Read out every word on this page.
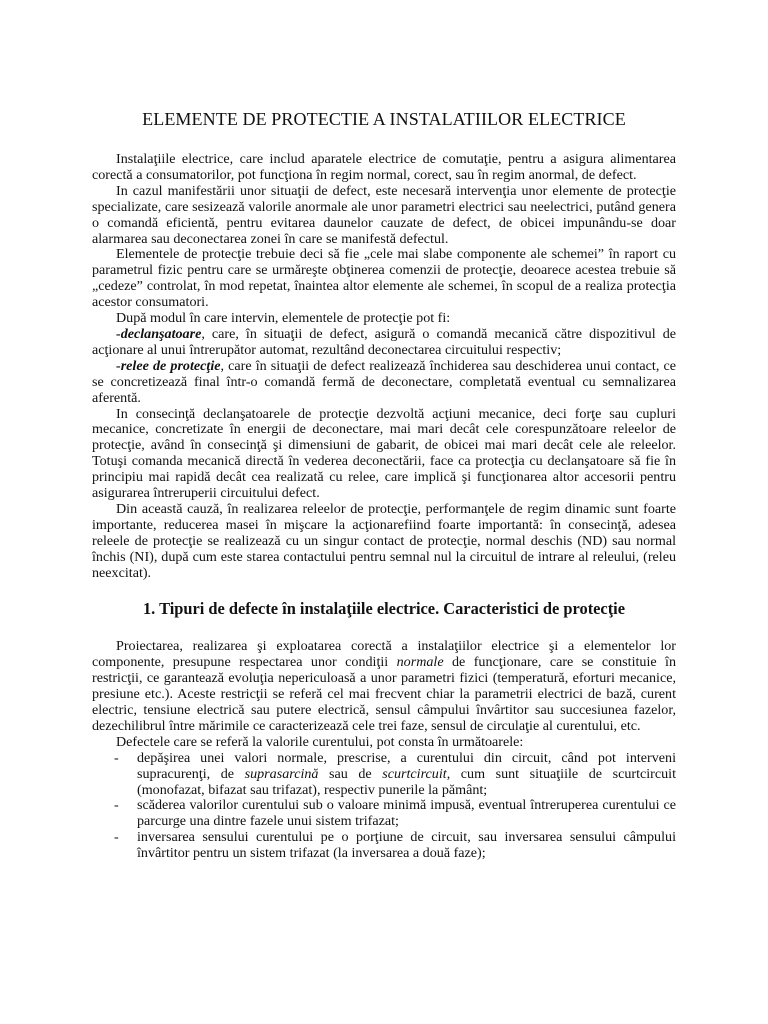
ELEMENTE DE PROTECTIE A INSTALATIILOR ELECTRICE

Instalaţiile electrice, care includ aparatele electrice de comutaţie, pentru a asigura alimentarea corectă a consumatorilor, pot funcţiona în regim normal, corect, sau în regim anormal, de defect.

In cazul manifestării unor situaţii de defect, este necesară intervenţia unor elemente de protecţie specializate, care sesizează valorile anormale ale unor parametri electrici sau neelectrici, putând genera o comandă eficientă, pentru evitarea daunelor cauzate de defect, de obicei impunându-se doar alarmarea sau deconectarea zonei în care se manifestă defectul.

Elementele de protecţie trebuie deci să fie „cele mai slabe componente ale schemei” în raport cu parametrul fizic pentru care se urmăreşte obţinerea comenzii de protecţie, deoarece acestea trebuie să „cedeze” controlat, în mod repetat, înaintea altor elemente ale schemei, în scopul de a realiza protecţia acestor consumatori.

După modul în care intervin, elementele de protecţie pot fi:

-declanşatoare, care, în situaţii de defect, asigură o comandă mecanică către dispozitivul de acţionare al unui întrerupător automat, rezultând deconectarea circuitului respectiv;

-relee de protecţie, care în situaţii de defect realizează închiderea sau deschiderea unui contact, ce se concretizează final într-o comandă fermă de deconectare, completată eventual cu semnalizarea aferentă.

In consecinţă declanşatoarele de protecţie dezvoltă acţiuni mecanice, deci forţe sau cupluri mecanice, concretizate în energii de deconectare, mai mari decât cele corespunzătoare releelor de protecţie, având în consecinţă şi dimensiuni de gabarit, de obicei mai mari decât cele ale releelor. Totuşi comanda mecanică directă în vederea deconectării, face ca protecţia cu declanşatoare să fie în principiu mai rapidă decât cea realizată cu relee, care implică şi funcţionarea altor accesorii pentru asigurarea întreruperii circuitului defect.

Din această cauză, în realizarea releelor de protecţie, performanţele de regim dinamic sunt foarte importante, reducerea masei în mişcare la acţionarefiind foarte importantă: în consecinţă, adesea releele de protecţie se realizează cu un singur contact de protecţie, normal deschis (ND) sau normal închis (NI), după cum este starea contactului pentru semnal nul la circuitul de intrare al releului, (releu neexcitat).

1. Tipuri de defecte în instalaţiile electrice. Caracteristici de protecţie

Proiectarea, realizarea şi exploatarea corectă a instalaţiilor electrice şi a elementelor lor componente, presupune respectarea unor condiţii normale de funcţionare, care se constituie în restricţii, ce garantează evoluţia nepericuloasă a unor parametri fizici (temperatură, eforturi mecanice, presiune etc.). Aceste restricţii se referă cel mai frecvent chiar la parametrii electrici de bază, curent electric, tensiune electrică sau putere electrică, sensul câmpului învârtitor sau succesiunea fazelor, dezechilibrul între mărimile ce caracterizează cele trei faze, sensul de circulaţie al curentului, etc.

Defectele care se referă la valorile curentului, pot consta în următoarele:

- depăşirea unei valori normale, prescrise, a curentului din circuit, când pot interveni supracurenţi, de suprasarcină sau de scurtcircuit, cum sunt situaţiile de scurtcircuit (monofazat, bifazat sau trifazat), respectiv punerile la pământ;
- scăderea valorilor curentului sub o valoare minimă impusă, eventual întreruperea curentului ce parcurge una dintre fazele unui sistem trifazat;
- inversarea sensului curentului pe o porţiune de circuit, sau inversarea sensului câmpului învârtitor pentru un sistem trifazat (la inversarea a două faze);
